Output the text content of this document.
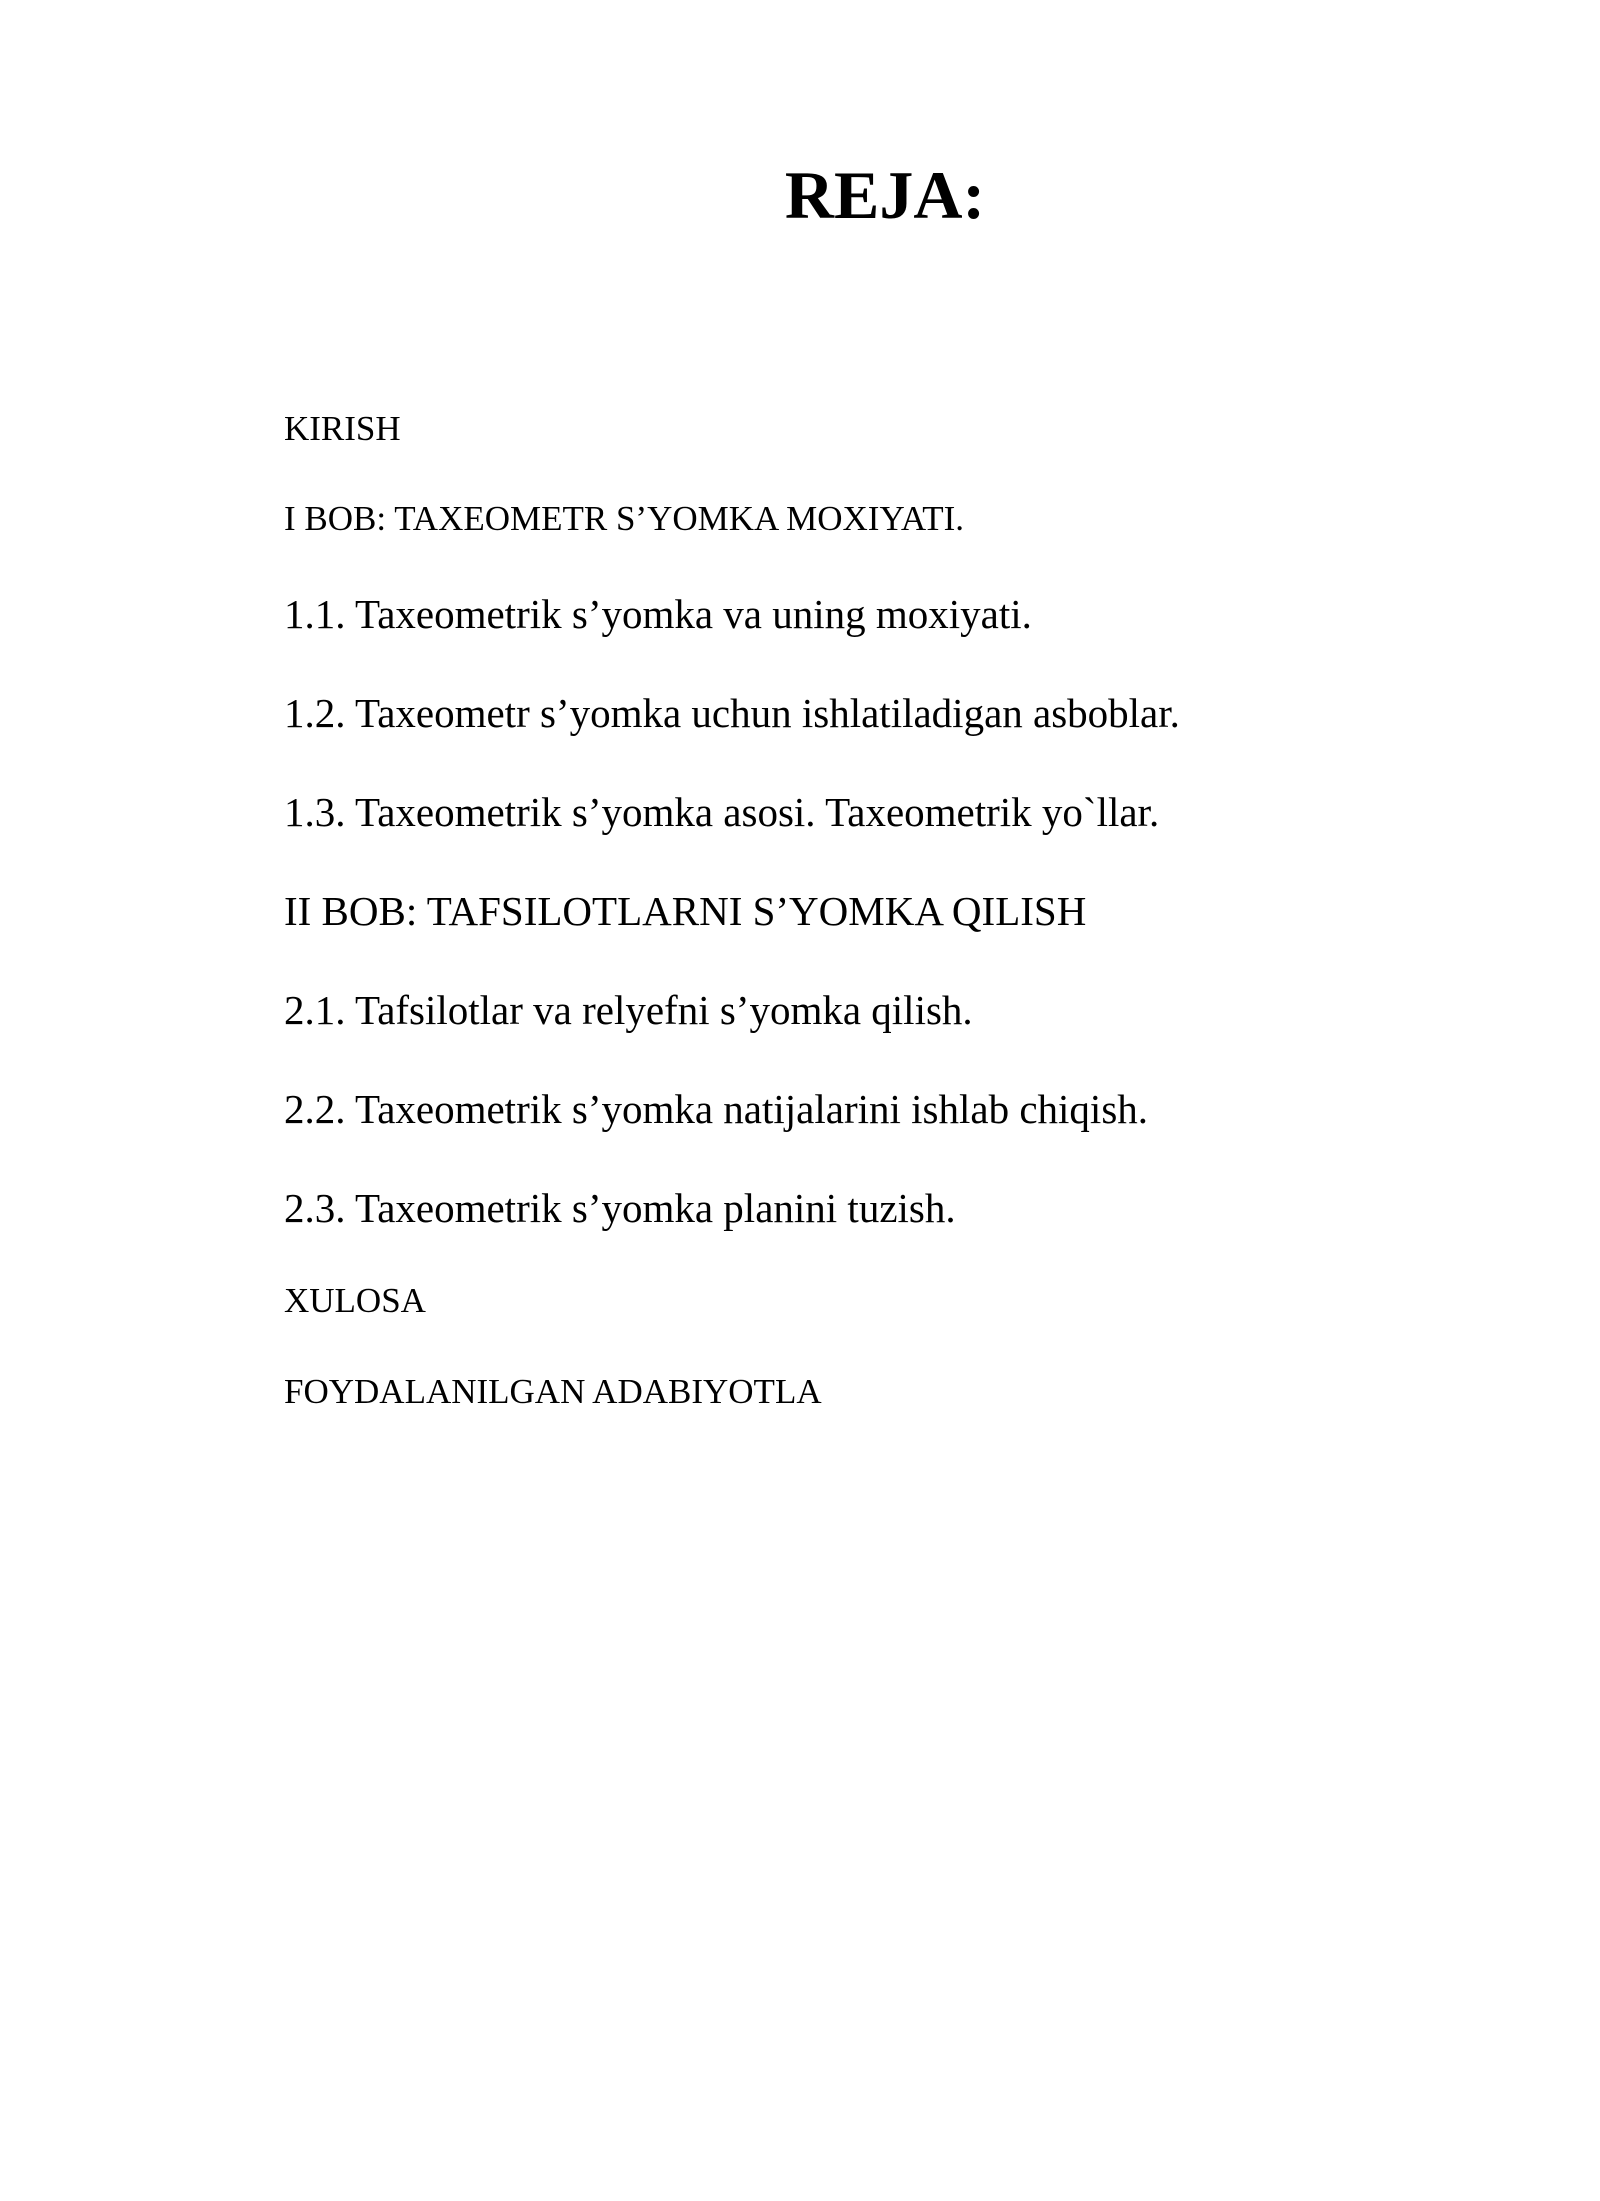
REJA:
KIRISH
I BOB: TAXEOMETR S’YOMKA MOXIYATI.
1.1. Taxeometrik s’yomka va uning moxiyati.
1.2. Taxeometr s’yomka uchun ishlatiladigan asboblar.
1.3. Taxeometrik s’yomka asosi. Taxeometrik yo`llar.
II BOB: TAFSILOTLARNI S’YOMKA QILISH
2.1. Tafsilotlar va relyefni s’yomka qilish.
2.2. Taxeometrik s’yomka natijalarini ishlab chiqish.
2.3. Taxeometrik s’yomka planini tuzish.
XULOSA
FOYDALANILGAN ADABIYOTLA
